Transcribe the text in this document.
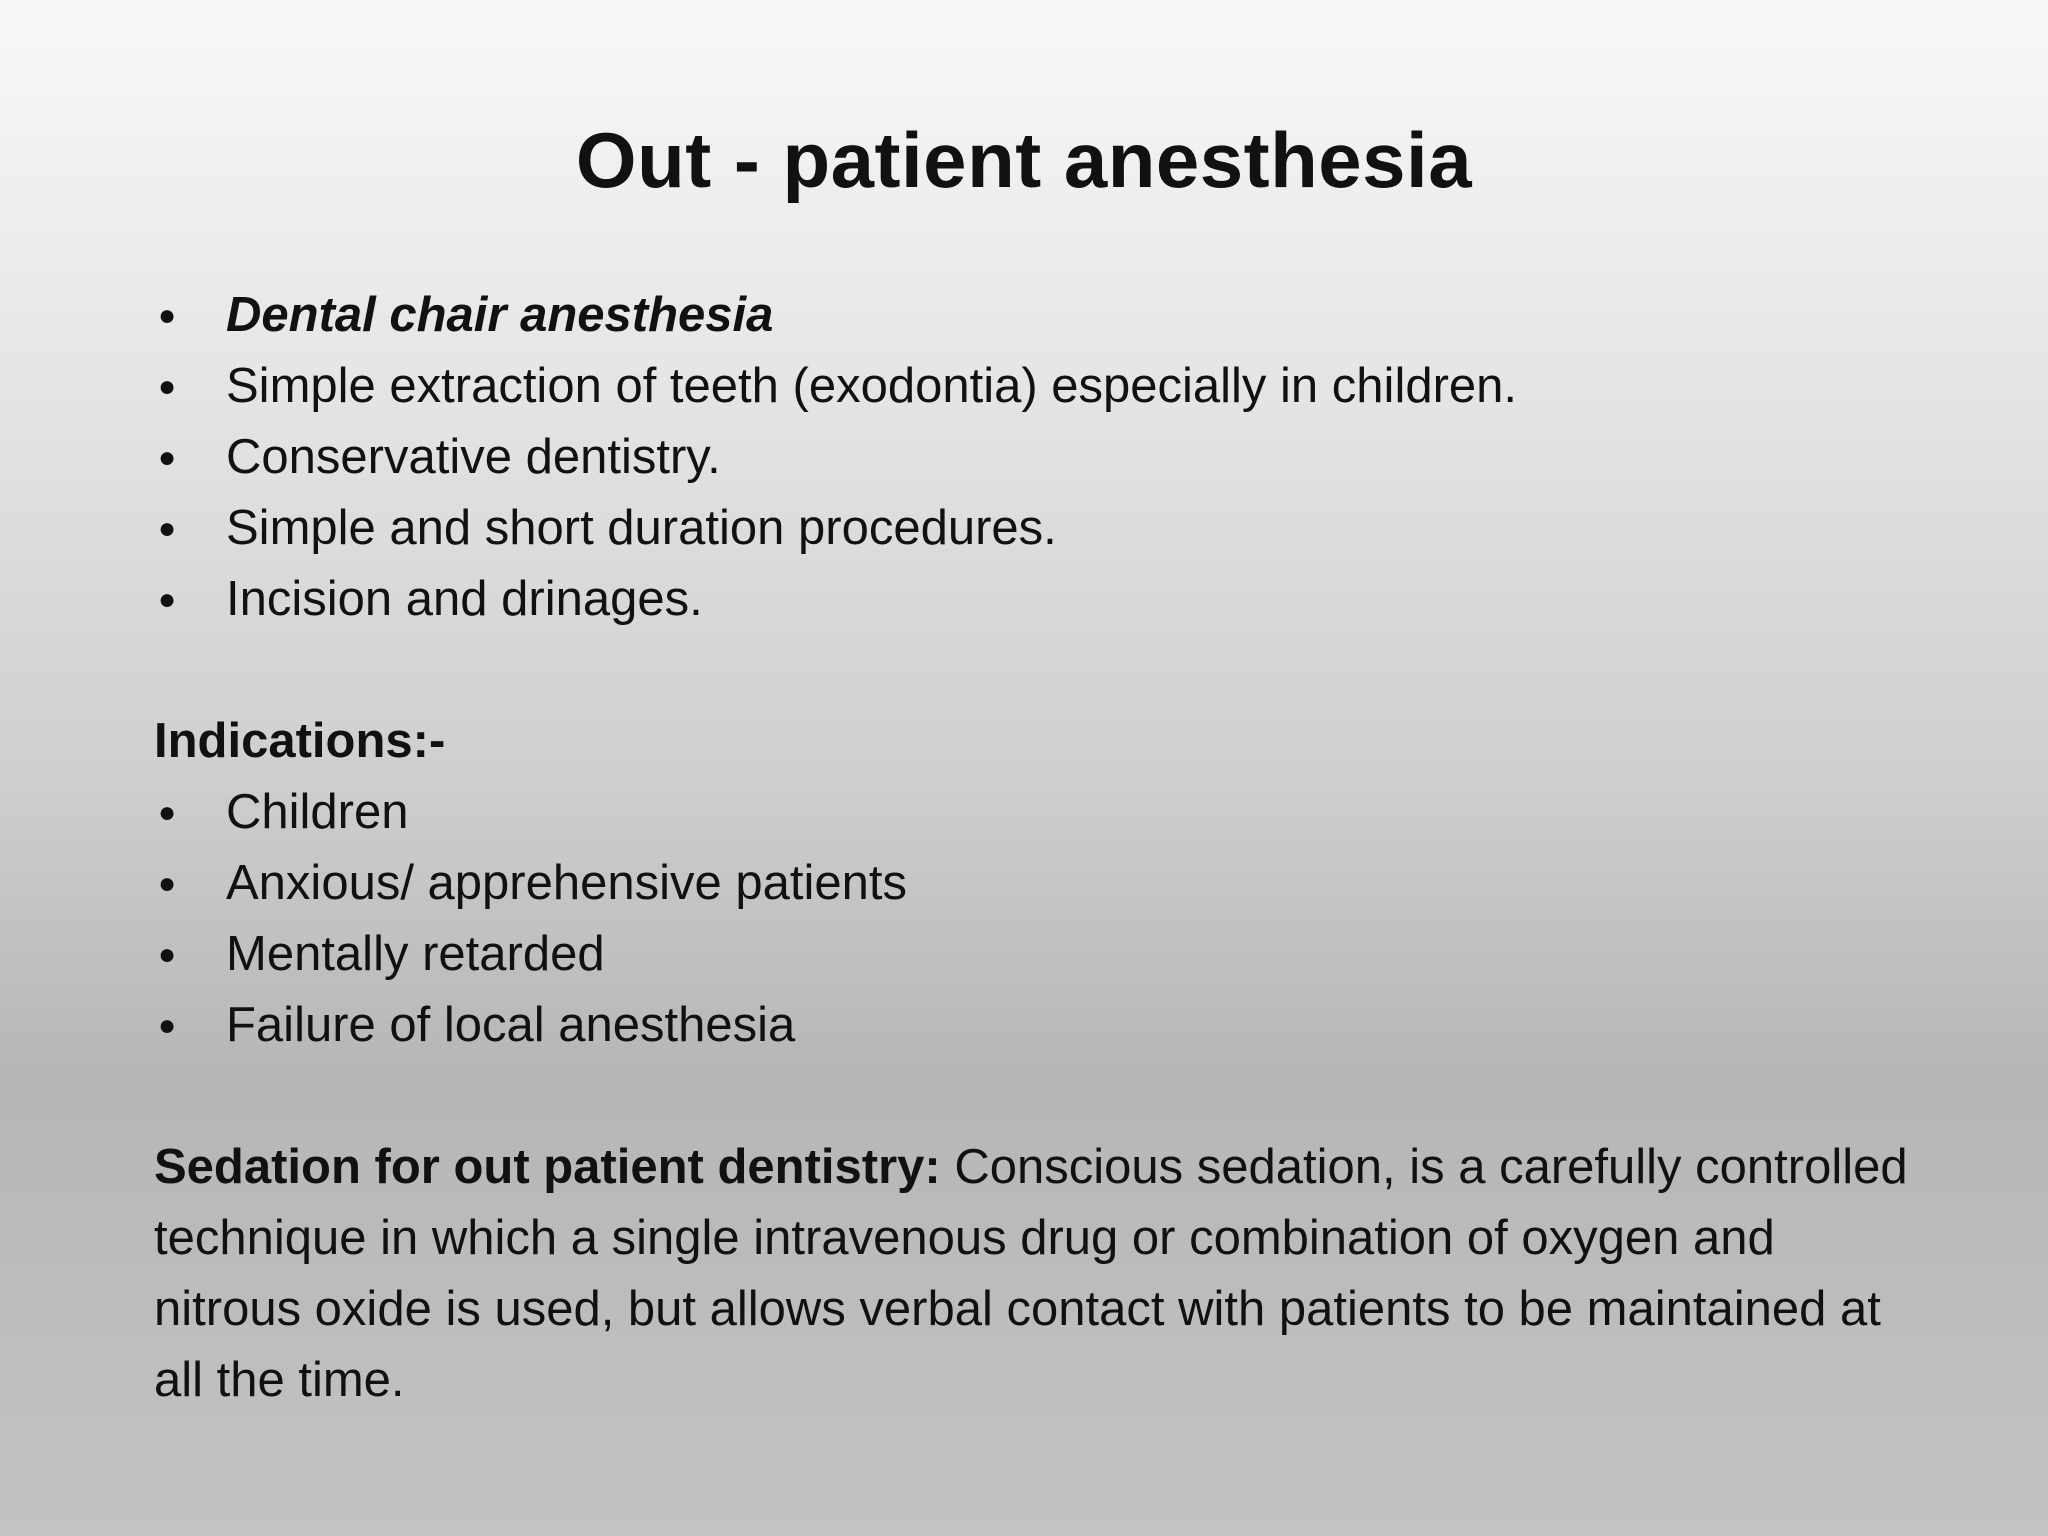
Out - patient anesthesia
● Dental chair anesthesia
● Simple extraction of teeth (exodontia) especially in children.
● Conservative dentistry.
● Simple and short duration procedures.
● Incision and drinages.
Indications:-
● Children
● Anxious/ apprehensive patients
● Mentally retarded
● Failure of local anesthesia

Sedation for out patient dentistry: Conscious sedation, is a carefully controlled technique in which a single intravenous drug or combination of oxygen and nitrous oxide is used, but allows verbal contact with patients to be maintained at all the time.
